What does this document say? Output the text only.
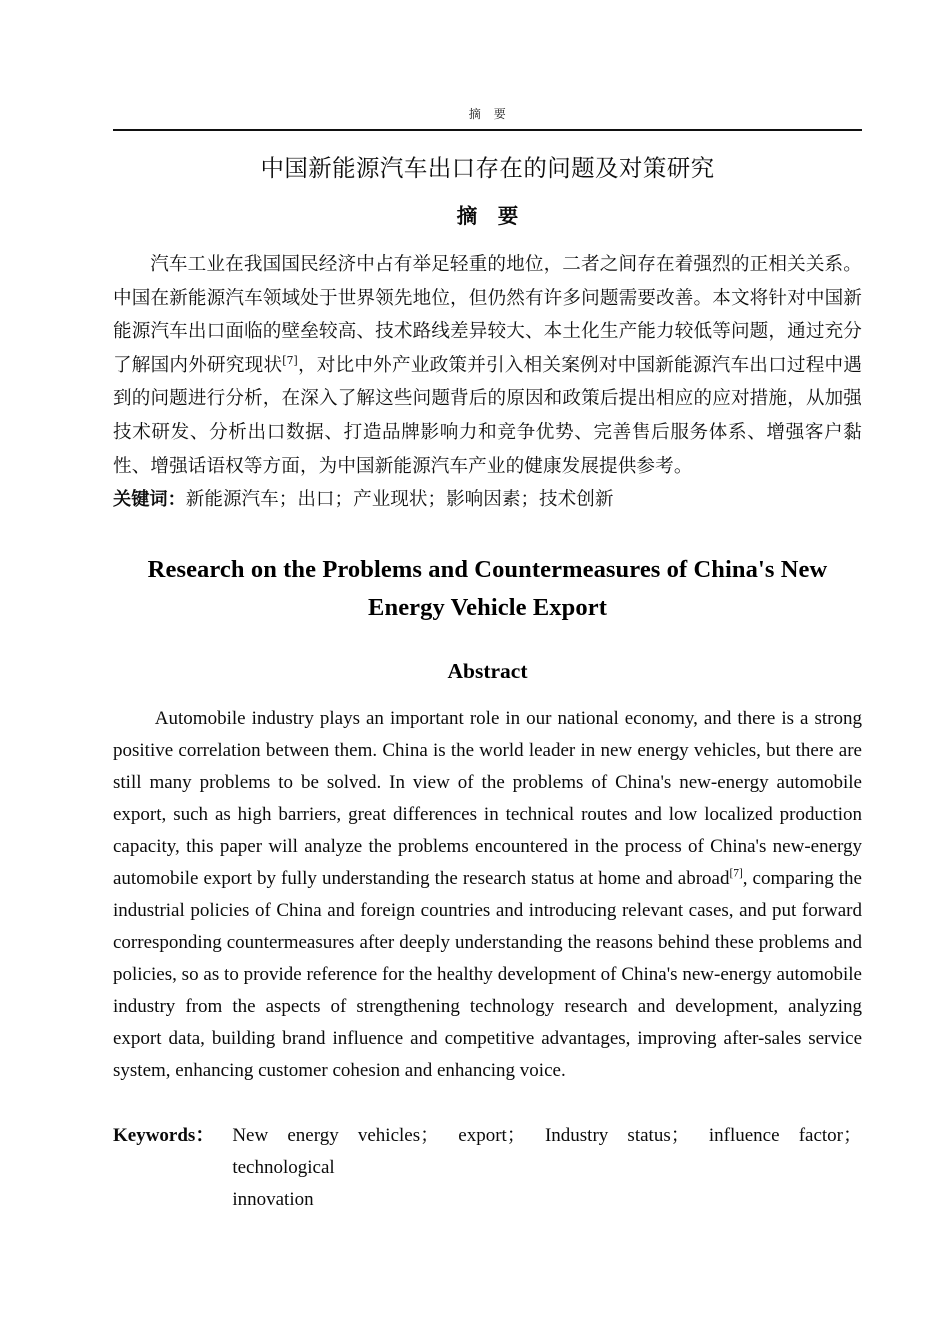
摘　要
中国新能源汽车出口存在的问题及对策研究
摘　要

汽车工业在我国国民经济中占有举足轻重的地位，二者之间存在着强烈的正相关关系。中国在新能源汽车领域处于世界领先地位，但仍然有许多问题需要改善。本文将针对中国新能源汽车出口面临的壁垒较高、技术路线差异较大、本土化生产能力较低等问题，通过充分了解国内外研究现状[7]，对比中外产业政策并引入相关案例对中国新能源汽车出口过程中遇到的问题进行分析，在深入了解这些问题背后的原因和政策后提出相应的应对措施，从加强技术研发、分析出口数据、打造品牌影响力和竞争优势、完善售后服务体系、增强客户黏性、增强话语权等方面，为中国新能源汽车产业的健康发展提供参考。

关键词：新能源汽车；出口；产业现状；影响因素；技术创新

Research on the Problems and Countermeasures of China's New Energy Vehicle Export
Abstract

Automobile industry plays an important role in our national economy, and there is a strong positive correlation between them. China is the world leader in new energy vehicles, but there are still many problems to be solved. In view of the problems of China's new-energy automobile export, such as high barriers, great differences in technical routes and low localized production capacity, this paper will analyze the problems encountered in the process of China's new-energy automobile export by fully understanding the research status at home and abroad[7], comparing the industrial policies of China and foreign countries and introducing relevant cases, and put forward corresponding countermeasures after deeply understanding the reasons behind these problems and policies, so as to provide reference for the healthy development of China's new-energy automobile industry from the aspects of strengthening technology research and development, analyzing export data, building brand influence and competitive advantages, improving after-sales service system, enhancing customer cohesion and enhancing voice.

Keywords： New energy vehicles； export； Industry status； influence factor； technological
innovation
